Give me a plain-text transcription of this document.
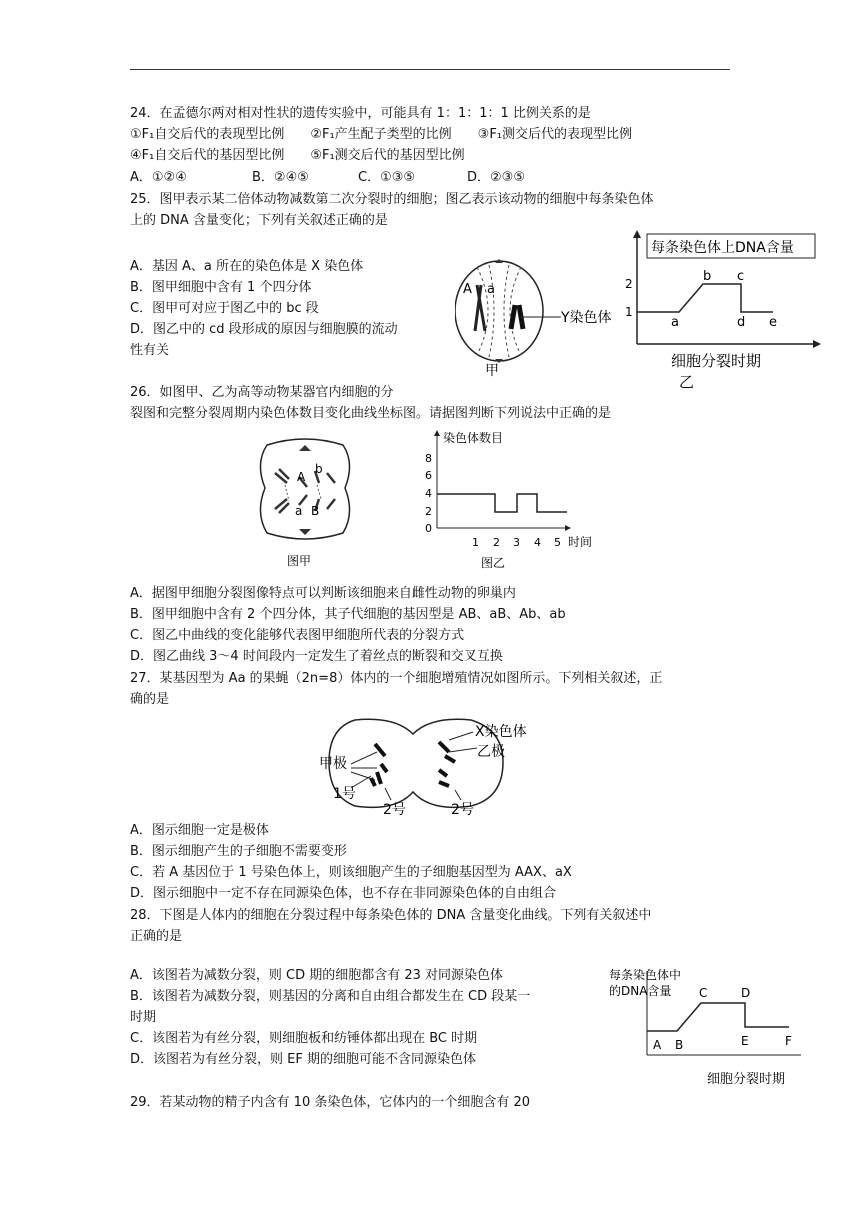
24．在孟德尔两对相对性状的遗传实验中，可能具有 1：1：1：1 比例关系的是
①F₁自交后代的表现型比例　　②F₁产生配子类型的比例　　③F₁测交后代的表现型比例
④F₁自交后代的基因型比例　　⑤F₁测交后代的基因型比例
A．①②④	B．②④⑤	C．①③⑤	D．②③⑤
25．图甲表示某二倍体动物减数第二次分裂时的细胞；图乙表示该动物的细胞中每条染色体
上的 DNA 含量变化；下列有关叙述正确的是
A．基因 A、a 所在的染色体是 X 染色体
B．图甲细胞中含有 1 个四分体
C．图甲可对应于图乙中的 bc 段
D．图乙中的 cd 段形成的原因与细胞膜的流动
性有关
A a
Y染色体
甲
每条染色体上DNA含量
2
1
a
b c
d e
细胞分裂时期
乙
26．如图甲、乙为高等动物某器官内细胞的分
裂图和完整分裂周期内染色体数目变化曲线坐标图。请据图判断下列说法中正确的是
A
b
a B
图甲
染色体数目
8
6
4
2
0
1 2 3 4 5 时间
图乙
A．据图甲细胞分裂图像特点可以判断该细胞来自雌性动物的卵巢内
B．图甲细胞中含有 2 个四分体，其子代细胞的基因型是 AB、aB、Ab、ab
C．图乙中曲线的变化能够代表图甲细胞所代表的分裂方式
D．图乙曲线 3～4 时间段内一定发生了着丝点的断裂和交叉互换
27．某基因型为 Aa 的果蝇（2n=8）体内的一个细胞增殖情况如图所示。下列相关叙述，正
确的是
X染色体
乙极
甲极
1号
2号	2号
A．图示细胞一定是极体
B．图示细胞产生的子细胞不需要变形
C．若 A 基因位于 1 号染色体上，则该细胞产生的子细胞基因型为 AAX、aX
D．图示细胞中一定不存在同源染色体，也不存在非同源染色体的自由组合
28．下图是人体内的细胞在分裂过程中每条染色体的 DNA 含量变化曲线。下列有关叙述中
正确的是
A．该图若为减数分裂，则 CD 期的细胞都含有 23 对同源染色体
B．该图若为减数分裂，则基因的分离和自由组合都发生在 CD 段某一
时期
C．该图若为有丝分裂，则细胞板和纺锤体都出现在 BC 时期
D．该图若为有丝分裂，则 EF 期的细胞可能不含同源染色体
每条染色体中
的DNA含量
A B
C	D
E	F
细胞分裂时期
29．若某动物的精子内含有 10 条染色体，它体内的一个细胞含有 20
